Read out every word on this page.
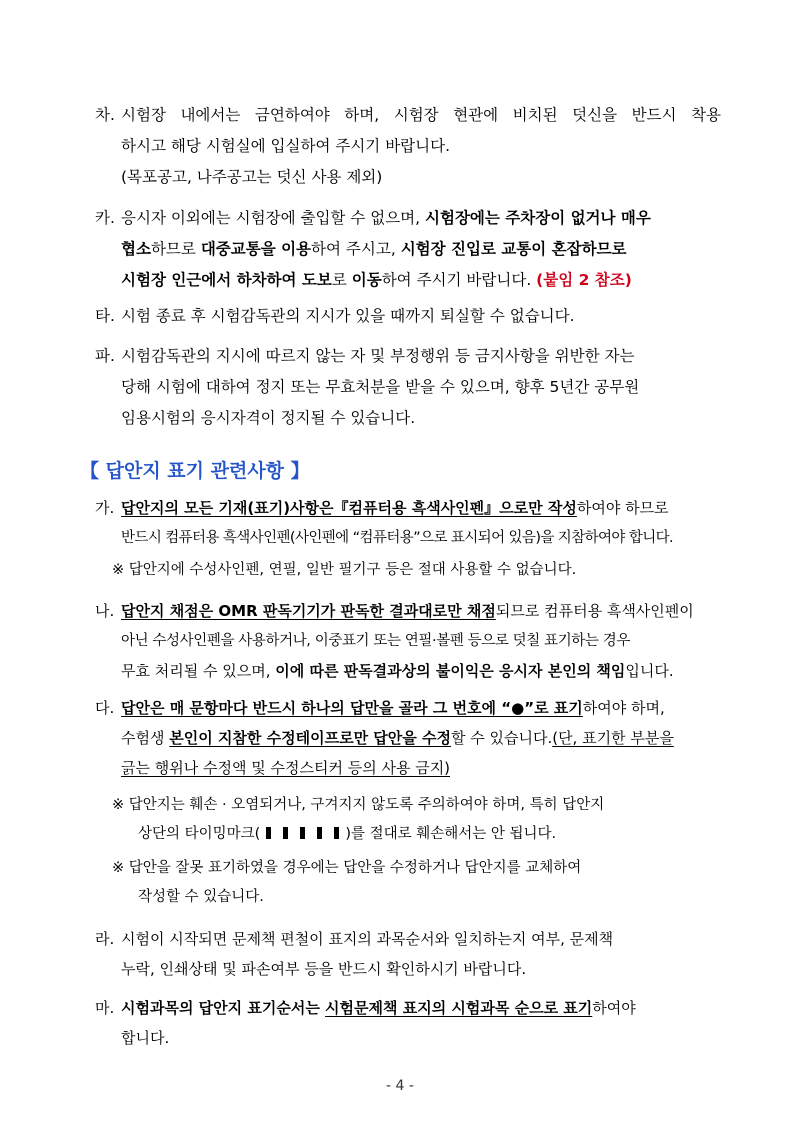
차. 시험장 내에서는 금연하여야 하며, 시험장 현관에 비치된 덧신을 반드시 착용
하시고 해당 시험실에 입실하여 주시기 바랍니다.
(목포공고, 나주공고는 덧신 사용 제외)
카. 응시자 이외에는 시험장에 출입할 수 없으며, 시험장에는 주차장이 없거나 매우
협소하므로 대중교통을 이용하여 주시고, 시험장 진입로 교통이 혼잡하므로
시험장 인근에서 하차하여 도보로 이동하여 주시기 바랍니다. (붙임 2 참조)
타. 시험 종료 후 시험감독관의 지시가 있을 때까지 퇴실할 수 없습니다.
파. 시험감독관의 지시에 따르지 않는 자 및 부정행위 등 금지사항을 위반한 자는
당해 시험에 대하여 정지 또는 무효처분을 받을 수 있으며, 향후 5년간 공무원
임용시험의 응시자격이 정지될 수 있습니다.
【 답안지 표기 관련사항 】
가. 답안지의 모든 기재(표기)사항은『컴퓨터용 흑색사인펜』으로만 작성하여야 하므로
반드시 컴퓨터용 흑색사인펜(사인펜에 “컴퓨터용”으로 표시되어 있음)을 지참하여야 합니다.
※ 답안지에 수성사인펜, 연필, 일반 필기구 등은 절대 사용할 수 없습니다.
나. 답안지 채점은 OMR 판독기기가 판독한 결과대로만 채점되므로 컴퓨터용 흑색사인펜이
아닌 수성사인펜을 사용하거나, 이중표기 또는 연필·볼펜 등으로 덧칠 표기하는 경우
무효 처리될 수 있으며, 이에 따른 판독결과상의 불이익은 응시자 본인의 책임입니다.
다. 답안은 매 문항마다 반드시 하나의 답만을 골라 그 번호에 “●”로 표기하여야 하며,
수험생 본인이 지참한 수정테이프로만 답안을 수정할 수 있습니다.(단, 표기한 부분을
긁는 행위나 수정액 및 수정스티커 등의 사용 금지)
※ 답안지는 훼손 · 오염되거나, 구겨지지 않도록 주의하여야 하며, 특히 답안지
상단의 타이밍마크(	)를 절대로 훼손해서는 안 됩니다.
※ 답안을 잘못 표기하였을 경우에는 답안을 수정하거나 답안지를 교체하여
작성할 수 있습니다.
라. 시험이 시작되면 문제책 편철이 표지의 과목순서와 일치하는지 여부, 문제책
누락, 인쇄상태 및 파손여부 등을 반드시 확인하시기 바랍니다.
마. 시험과목의 답안지 표기순서는 시험문제책 표지의 시험과목 순으로 표기하여야
합니다.
- 4 -
